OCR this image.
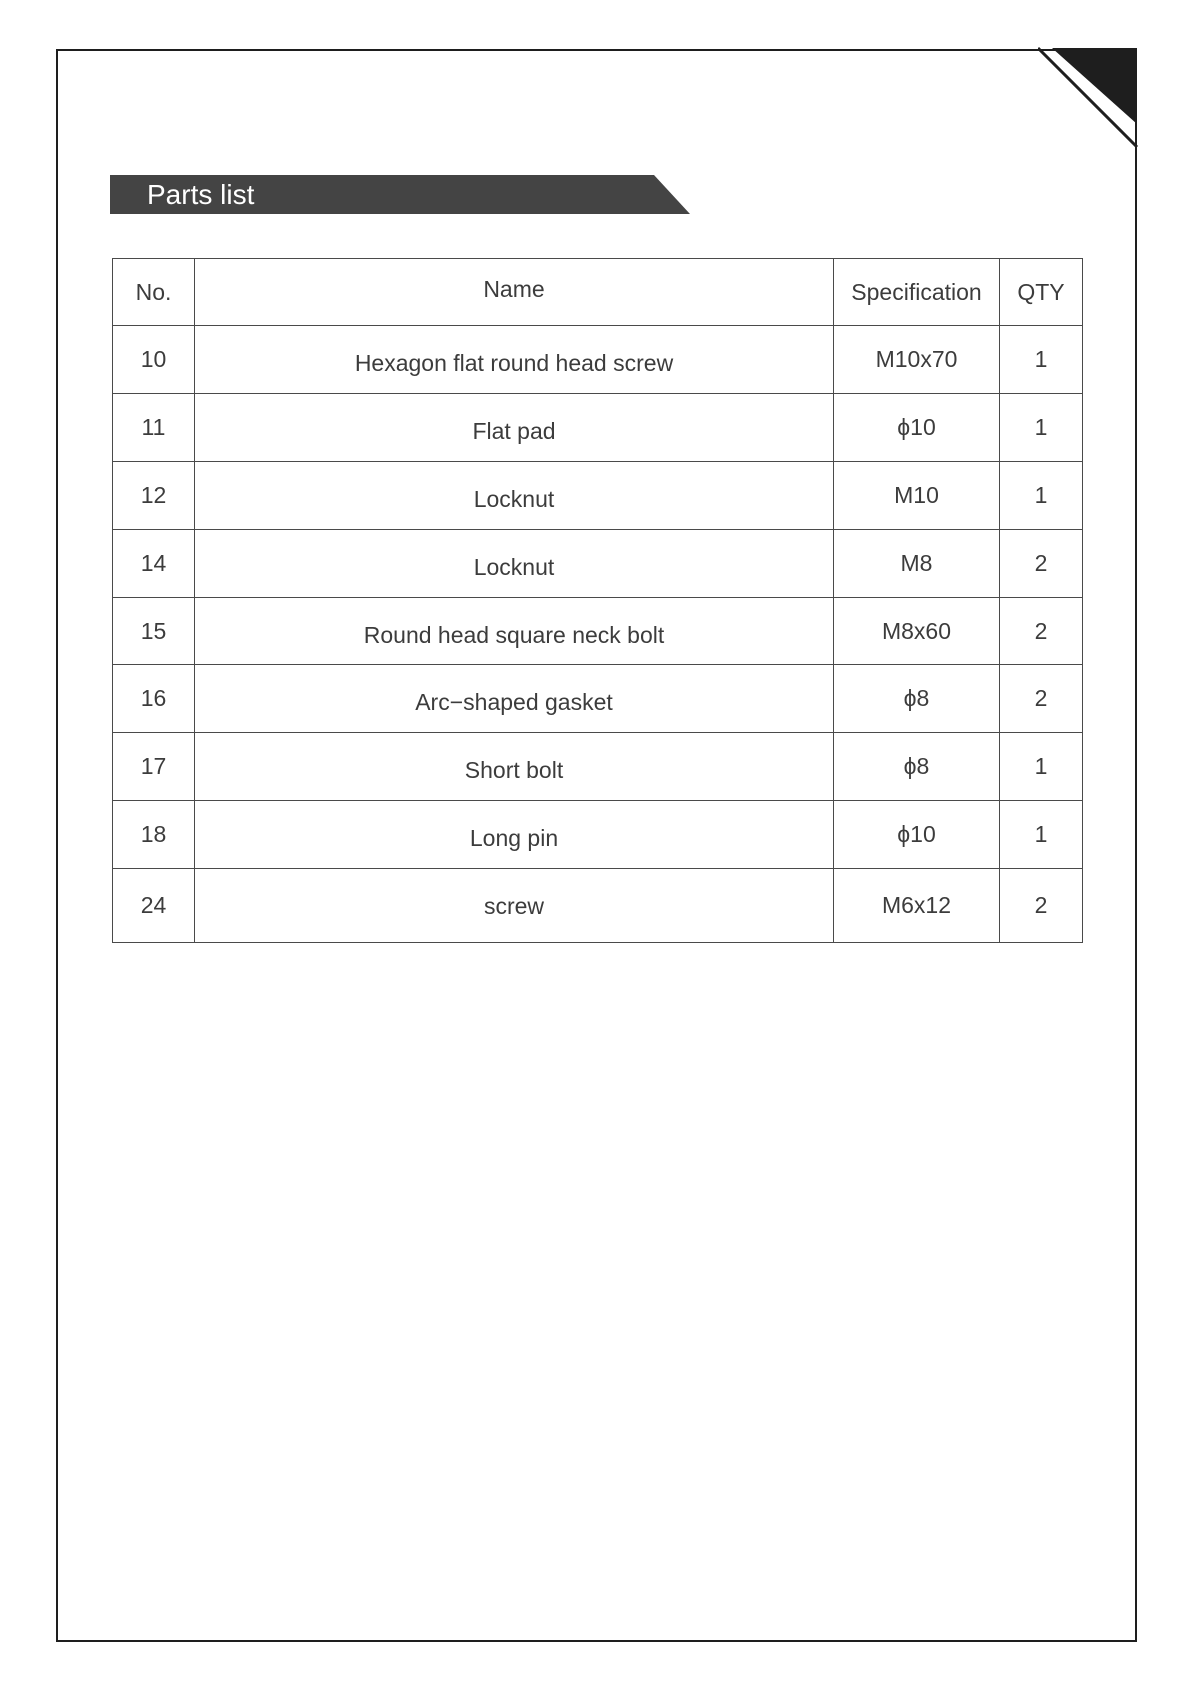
Parts list
No.	Name	Specification	QTY
10	Hexagon flat round head screw	M10x70	1
11	Flat pad	ϕ10	1
12	Locknut	M10	1
14	Locknut	M8	2
15	Round head square neck bolt	M8x60	2
16	Arc−shaped gasket	ϕ8	2
17	Short bolt	ϕ8	1
18	Long pin	ϕ10	1
24	screw	M6x12	2
